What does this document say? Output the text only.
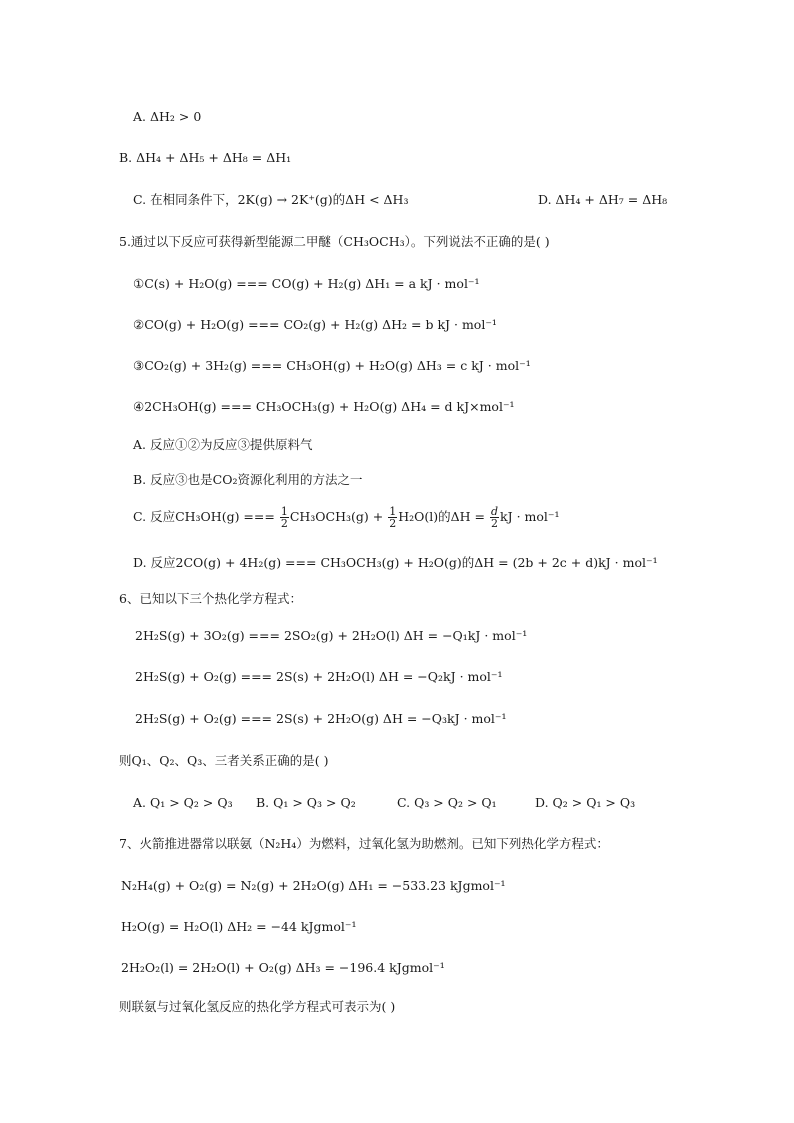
A. ΔH₂ > 0
B. ΔH₄ + ΔH₅ + ΔH₈ = ΔH₁
C. 在相同条件下，2K(g) → 2K⁺(g)的ΔH < ΔH₃	D. ΔH₄ + ΔH₇ = ΔH₈
5.通过以下反应可获得新型能源二甲醚（CH₃OCH₃）。下列说法不正确的是( )
①C(s) + H₂O(g) === CO(g) + H₂(g) ΔH₁ = a kJ · mol⁻¹
②CO(g) + H₂O(g) === CO₂(g) + H₂(g) ΔH₂ = b kJ · mol⁻¹
③CO₂(g) + 3H₂(g) === CH₃OH(g) + H₂O(g) ΔH₃ = c kJ · mol⁻¹
④2CH₃OH(g) === CH₃OCH₃(g) + H₂O(g) ΔH₄ = d kJ×mol⁻¹
A. 反应①②为反应③提供原料气
B. 反应③也是CO₂资源化利用的方法之一
C. 反应CH₃OH(g) === $\frac{1}{2} CH_3OCH_3(g) + \frac{1}{2} H_2O(l)$的$\Delta H = \frac{d}{2}$ kJ · mol⁻¹
D. 反应2CO(g) + 4H₂(g) === CH₃OCH₃(g) + H₂O(g)的ΔH = (2b + 2c + d)kJ · mol⁻¹
6、已知以下三个热化学方程式：
2H₂S(g) + 3O₂(g) === 2SO₂(g) + 2H₂O(l) ΔH = −Q₁kJ · mol⁻¹
2H₂S(g) + O₂(g) === 2S(s) + 2H₂O(l) ΔH = −Q₂kJ · mol⁻¹
2H₂S(g) + O₂(g) === 2S(s) + 2H₂O(g) ΔH = −Q₃kJ · mol⁻¹
则Q₁、Q₂、Q₃、三者关系正确的是( )
A. Q₁ > Q₂ > Q₃ B. Q₁ > Q₃ > Q₂	C. Q₃ > Q₂ > Q₁	D. Q₂ > Q₁ > Q₃
7、火箭推进器常以联氨（N₂H₄）为燃料，过氧化氢为助燃剂。已知下列热化学方程式：
N₂H₄(g) + O₂(g) = N₂(g) + 2H₂O(g) ΔH₁ = −533.23 kJgmol⁻¹
H₂O(g) = H₂O(l) ΔH₂ = −44 kJgmol⁻¹
2H₂O₂(l) = 2H₂O(l) + O₂(g) ΔH₃ = −196.4 kJgmol⁻¹
则联氨与过氧化氢反应的热化学方程式可表示为( )
